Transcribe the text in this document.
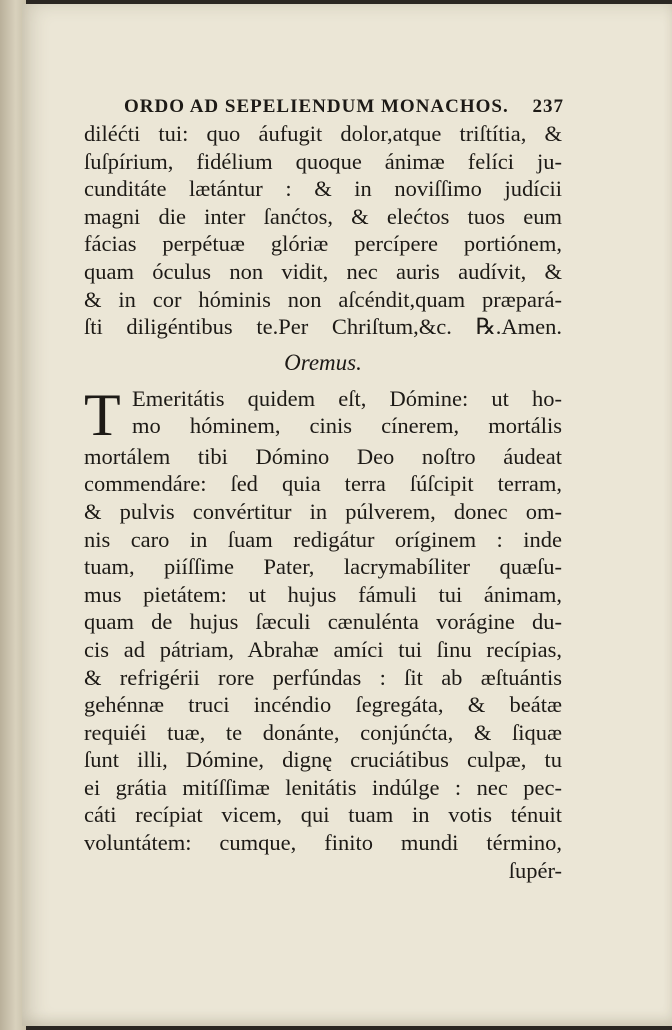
ORDO AD SEPELIENDUM MONACHOS. 237
diléćti tui: quo áufugit dolor,atque triſtítia, &
ſuſpírium, fidélium quoque ánimæ felíci ju-
cunditáte lætántur : & in noviſſimo judícii
magni die inter ſanćtos, & elećtos tuos eum
fácias perpétuæ glóriæ percípere portiónem,
quam óculus non vidit, nec auris audívit, &
& in cor hóminis non aſcéndit,quam præpará-
ſti diligéntibus te.Per Chriſtum,&c. ℞.Amen.
Oremus.
T Emeritátis quidem eſt, Dómine: ut ho-
mo hóminem, cinis cínerem, mortális
mortálem tibi Dómino Deo noſtro áudeat
commendáre: ſed quia terra ſúſcipit terram,
& pulvis convértitur in púlverem, donec om-
nis caro in ſuam redigátur oríginem : inde
tuam, piíſſime Pater, lacrymabíliter quæſu-
mus pietátem: ut hujus fámuli tui ánimam,
quam de hujus ſæculi cænulénta vorágine du-
cis ad pátriam, Abrahæ amíci tui ſinu recípias,
& refrigérii rore perfúndas : ſit ab æſtuántis
gehénnæ truci incéndio ſegregáta, & beátæ
requiéi tuæ, te donánte, conjúnćta, & ſiquæ
ſunt illi, Dómine, dignę cruciátibus culpæ, tu
ei grátia mitíſſimæ lenitátis indúlge : nec pec-
cáti recípiat vicem, qui tuam in votis ténuit
voluntátem: cumque, finito mundi término,
ſupér-
